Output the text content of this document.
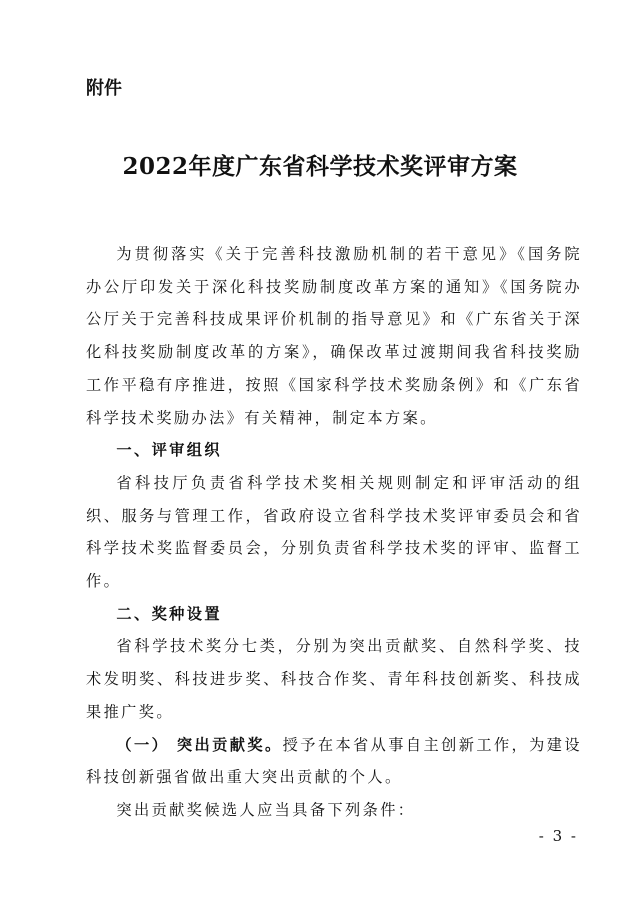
附件
2022年度广东省科学技术奖评审方案

为贯彻落实《关于完善科技激励机制的若干意见》《国务院办公厅印发关于深化科技奖励制度改革方案的通知》《国务院办公厅关于完善科技成果评价机制的指导意见》和《广东省关于深化科技奖励制度改革的方案》，确保改革过渡期间我省科技奖励工作平稳有序推进，按照《国家科学技术奖励条例》和《广东省科学技术奖励办法》有关精神，制定本方案。

一、评审组织

省科技厅负责省科学技术奖相关规则制定和评审活动的组织、服务与管理工作，省政府设立省科学技术奖评审委员会和省科学技术奖监督委员会，分别负责省科学技术奖的评审、监督工作。

二、奖种设置

省科学技术奖分七类，分别为突出贡献奖、自然科学奖、技术发明奖、科技进步奖、科技合作奖、青年科技创新奖、科技成果推广奖。

（一） 突出贡献奖。授予在本省从事自主创新工作，为建设科技创新强省做出重大突出贡献的个人。

突出贡献奖候选人应当具备下列条件：

- 3 -
